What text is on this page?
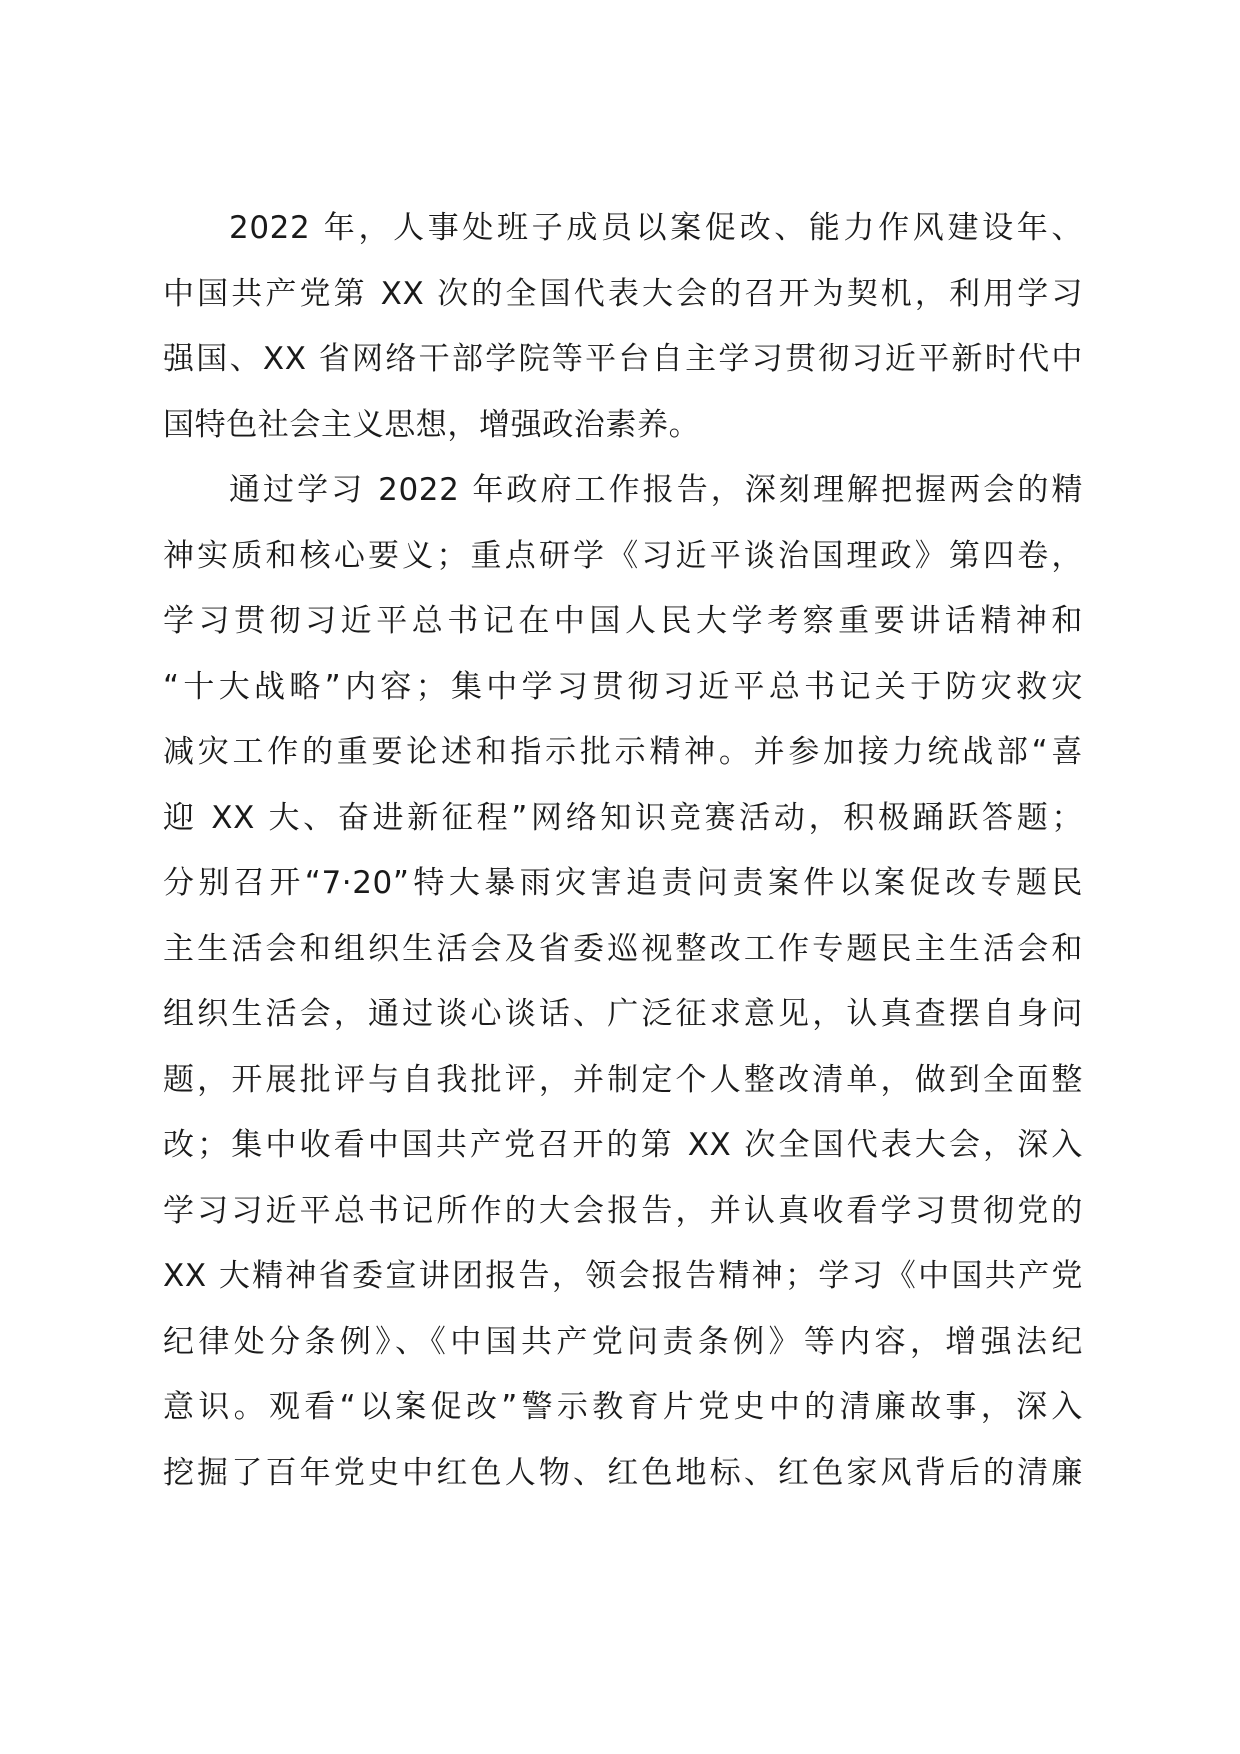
2022 年，人事处班子成员以案促改、能力作风建设年、
中国共产党第 XX 次的全国代表大会的召开为契机，利用学习
强国、XX 省网络干部学院等平台自主学习贯彻习近平新时代中
国特色社会主义思想，增强政治素养。
通过学习 2022 年政府工作报告，深刻理解把握两会的精
神实质和核心要义；重点研学《习近平谈治国理政》第四卷，
学习贯彻习近平总书记在中国人民大学考察重要讲话精神和
“十大战略”内容；集中学习贯彻习近平总书记关于防灾救灾
减灾工作的重要论述和指示批示精神。并参加接力统战部“喜
迎 XX 大、奋进新征程”网络知识竞赛活动，积极踊跃答题；
分别召开“7·20”特大暴雨灾害追责问责案件以案促改专题民
主生活会和组织生活会及省委巡视整改工作专题民主生活会和
组织生活会，通过谈心谈话、广泛征求意见，认真查摆自身问
题，开展批评与自我批评，并制定个人整改清单，做到全面整
改；集中收看中国共产党召开的第 XX 次全国代表大会，深入
学习习近平总书记所作的大会报告，并认真收看学习贯彻党的
XX 大精神省委宣讲团报告，领会报告精神；学习《中国共产党
纪律处分条例》、《中国共产党问责条例》等内容，增强法纪
意识。观看“以案促改”警示教育片党史中的清廉故事，深入
挖掘了百年党史中红色人物、红色地标、红色家风背后的清廉
